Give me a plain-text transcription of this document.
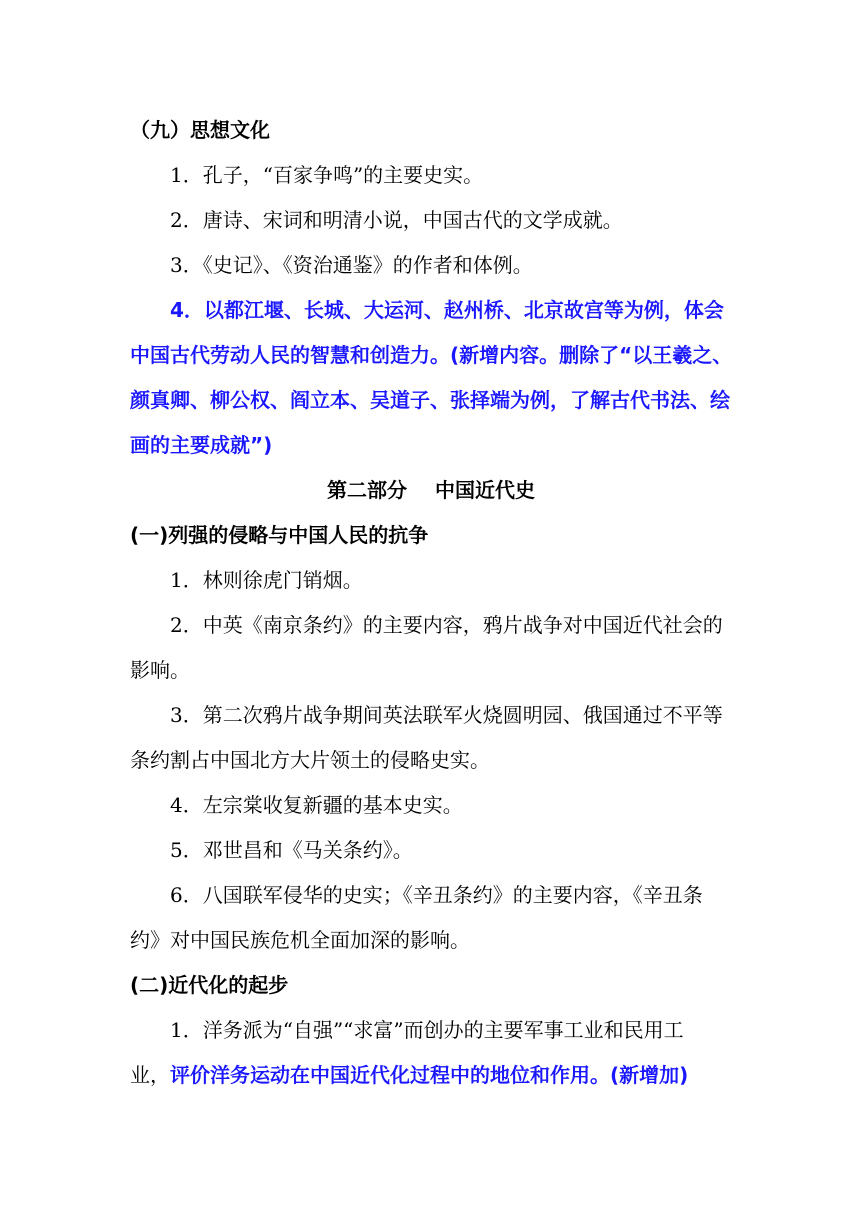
（九）思想文化

1．孔子，“百家争鸣”的主要史实。

2．唐诗、宋词和明清小说，中国古代的文学成就。

3．《史记》、《资治通鉴》的作者和体例。

4．以都江堰、长城、大运河、赵州桥、北京故宫等为例，体会

中国古代劳动人民的智慧和创造力。(新增内容。删除了“以王羲之、

颜真卿、柳公权、阎立本、吴道子、张择端为例，了解古代书法、绘

画的主要成就”)

第二部分 中国近代史

(一)列强的侵略与中国人民的抗争

1．林则徐虎门销烟。

2．中英《南京条约》的主要内容，鸦片战争对中国近代社会的

影响。

3．第二次鸦片战争期间英法联军火烧圆明园、俄国通过不平等

条约割占中国北方大片领土的侵略史实。

4．左宗棠收复新疆的基本史实。

5．邓世昌和《马关条约》。

6．八国联军侵华的史实；《辛丑条约》的主要内容，《辛丑条

约》对中国民族危机全面加深的影响。

(二)近代化的起步

1．洋务派为“自强”“求富”而创办的主要军事工业和民用工

业，评价洋务运动在中国近代化过程中的地位和作用。(新增加)
